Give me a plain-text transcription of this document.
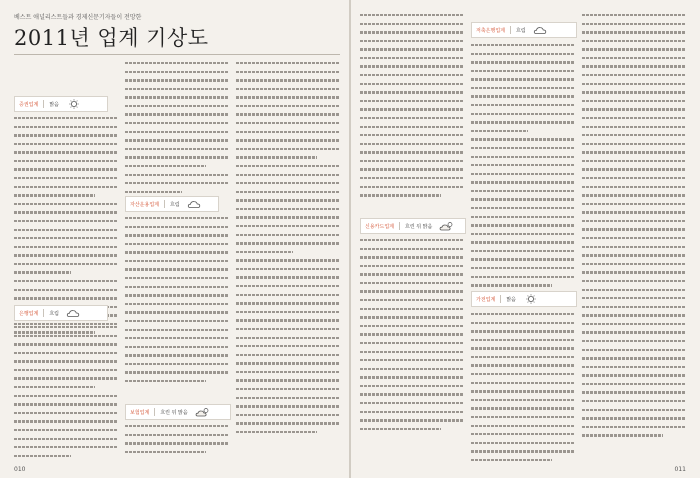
베스트 애널리스트들과 경제신문기자들이 전망한
2011년 업계 기상도
증권업계	맑음
은행업계	흐림
자산운용업계	흐림
보험업계	흐린 뒤 맑음
신용카드업계	흐린 뒤 맑음
저축은행업계	흐림
가전업계	맑음
010	011
